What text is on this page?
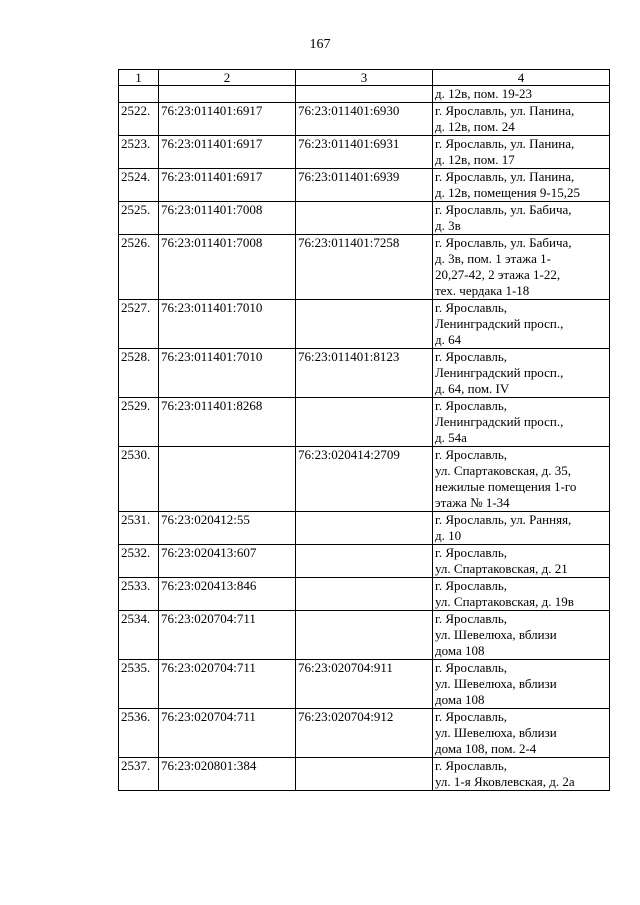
167
1	2	3	4
			д. 12в, пом. 19-23
2522.	76:23:011401:6917	76:23:011401:6930	г. Ярославль, ул. Панина,
д. 12в, пом. 24
2523.	76:23:011401:6917	76:23:011401:6931	г. Ярославль, ул. Панина,
д. 12в, пом. 17
2524.	76:23:011401:6917	76:23:011401:6939	г. Ярославль, ул. Панина,
д. 12в, помещения 9-15,25
2525.	76:23:011401:7008		г. Ярославль, ул. Бабича,
д. 3в
2526.	76:23:011401:7008	76:23:011401:7258	г. Ярославль, ул. Бабича,
д. 3в, пом. 1 этажа 1-
20,27-42, 2 этажа 1-22,
тех. чердака 1-18
2527.	76:23:011401:7010		г. Ярославль,
Ленинградский просп.,
д. 64
2528.	76:23:011401:7010	76:23:011401:8123	г. Ярославль,
Ленинградский просп.,
д. 64, пом. IV
2529.	76:23:011401:8268		г. Ярославль,
Ленинградский просп.,
д. 54а
2530.		76:23:020414:2709	г. Ярославль,
ул. Спартаковская, д. 35,
нежилые помещения 1-го
этажа № 1-34
2531.	76:23:020412:55		г. Ярославль, ул. Ранняя,
д. 10
2532.	76:23:020413:607		г. Ярославль,
ул. Спартаковская, д. 21
2533.	76:23:020413:846		г. Ярославль,
ул. Спартаковская, д. 19в
2534.	76:23:020704:711		г. Ярославль,
ул. Шевелюха, вблизи
дома 108
2535.	76:23:020704:711	76:23:020704:911	г. Ярославль,
ул. Шевелюха, вблизи
дома 108
2536.	76:23:020704:711	76:23:020704:912	г. Ярославль,
ул. Шевелюха, вблизи
дома 108, пом. 2-4
2537.	76:23:020801:384		г. Ярославль,
ул. 1-я Яковлевская, д. 2а
